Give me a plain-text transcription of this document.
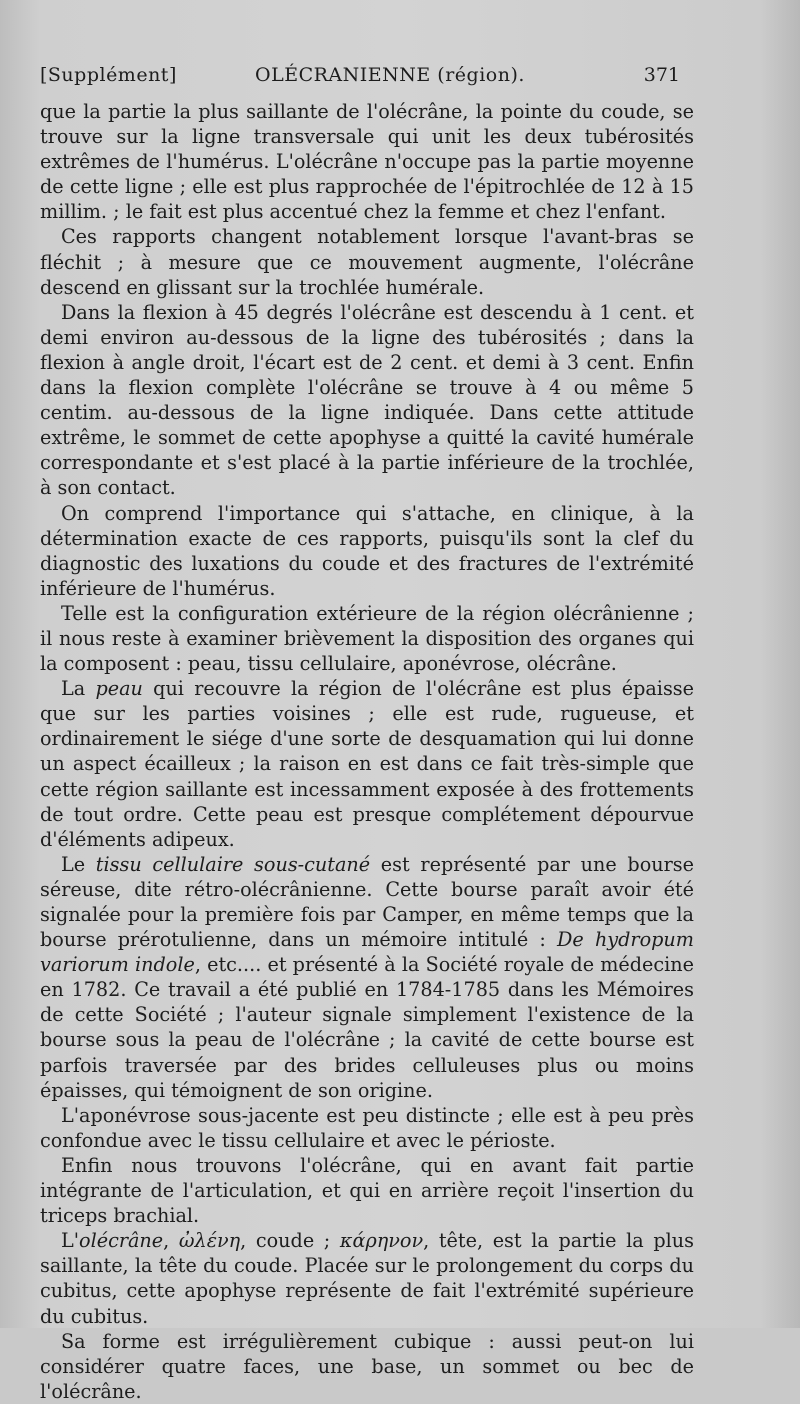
[Supplément]	OLÉCRANIENNE (région).	371

que la partie la plus saillante de l'olécrâne, la pointe du coude, se trouve sur la ligne transversale qui unit les deux tubérosités extrêmes de l'humérus. L'olécrâne n'occupe pas la partie moyenne de cette ligne ; elle est plus rapprochée de l'épitrochlée de 12 à 15 millim. ; le fait est plus accentué chez la femme et chez l'enfant.

Ces rapports changent notablement lorsque l'avant-bras se fléchit ; à mesure que ce mouvement augmente, l'olécrâne descend en glissant sur la trochlée humérale.

Dans la flexion à 45 degrés l'olécrâne est descendu à 1 cent. et demi environ au-dessous de la ligne des tubérosités ; dans la flexion à angle droit, l'écart est de 2 cent. et demi à 3 cent. Enfin dans la flexion complète l'olécrâne se trouve à 4 ou même 5 centim. au-dessous de la ligne indiquée. Dans cette attitude extrême, le sommet de cette apophyse a quitté la cavité humérale correspondante et s'est placé à la partie inférieure de la trochlée, à son contact.

On comprend l'importance qui s'attache, en clinique, à la détermination exacte de ces rapports, puisqu'ils sont la clef du diagnostic des luxations du coude et des fractures de l'extrémité inférieure de l'humérus.

Telle est la configuration extérieure de la région olécrânienne ; il nous reste à examiner brièvement la disposition des organes qui la composent : peau, tissu cellulaire, aponévrose, olécrâne.

La peau qui recouvre la région de l'olécrâne est plus épaisse que sur les parties voisines ; elle est rude, rugueuse, et ordinairement le siége d'une sorte de desquamation qui lui donne un aspect écailleux ; la raison en est dans ce fait très-simple que cette région saillante est incessamment exposée à des frottements de tout ordre. Cette peau est presque complétement dépourvue d'éléments adipeux.

Le tissu cellulaire sous-cutané est représenté par une bourse séreuse, dite rétro-olécrânienne. Cette bourse paraît avoir été signalée pour la première fois par Camper, en même temps que la bourse prérotulienne, dans un mémoire intitulé : De hydropum variorum indole, etc.... et présenté à la Société royale de médecine en 1782. Ce travail a été publié en 1784-1785 dans les Mémoires de cette Société ; l'auteur signale simplement l'existence de la bourse sous la peau de l'olécrâne ; la cavité de cette bourse est parfois traversée par des brides celluleuses plus ou moins épaisses, qui témoignent de son origine.

L'aponévrose sous-jacente est peu distincte ; elle est à peu près confondue avec le tissu cellulaire et avec le périoste.

Enfin nous trouvons l'olécrâne, qui en avant fait partie intégrante de l'articulation, et qui en arrière reçoit l'insertion du triceps brachial.

L'olécrâne, ὠλένη, coude ; κάρηνον, tête, est la partie la plus saillante, la tête du coude. Placée sur le prolongement du corps du cubitus, cette apophyse représente de fait l'extrémité supérieure du cubitus.

Sa forme est irrégulièrement cubique : aussi peut-on lui considérer quatre faces, une base, un sommet ou bec de l'olécrâne.
